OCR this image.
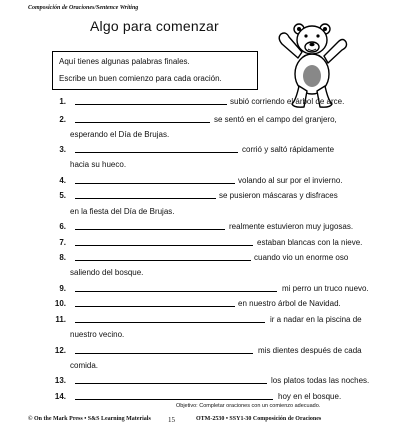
Composición de Oraciones/Sentence Writing
Algo para comenzar
Aquí tienes algunas palabras finales.
Escribe un buen comienzo para cada oración.
1.	subió corriendo el árbol de arce.
2.	se sentó en el campo del granjero,
esperando el Día de Brujas.
3.	corrió y saltó rápidamente
hacia su hueco.
4.	volando al sur por el invierno.
5.	se pusieron máscaras y disfraces
en la fiesta del Día de Brujas.
6.	realmente estuvieron muy jugosas.
7.	estaban blancas con la nieve.
8.	cuando vio un enorme oso
saliendo del bosque.
9.	mi perro un truco nuevo.
10.	en nuestro árbol de Navidad.
11.	ir a nadar en la piscina de
nuestro vecino.
12.	mis dientes después de cada
comida.
13.	los platos todas las noches.
14.	hoy en el bosque.
Objetivo: Completar oraciones con un comienzo adecuado.
© On the Mark Press • S&S Learning Materials 15	OTM-2530 • SSY1-30 Composición de Oraciones
